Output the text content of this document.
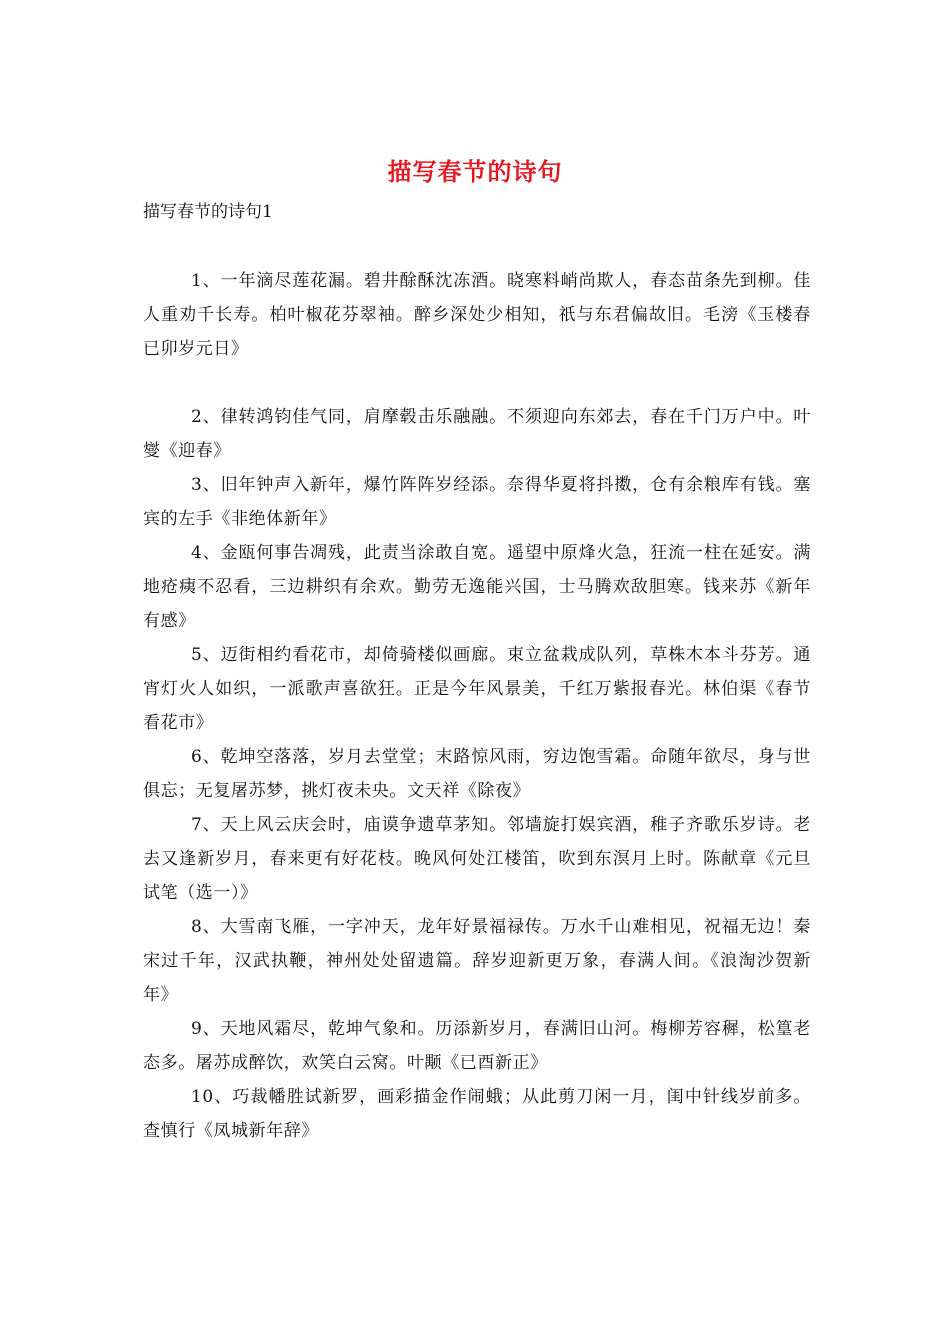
描写春节的诗句
描写春节的诗句1

1、一年滴尽莲花漏。碧井酴酥沈冻酒。晓寒料峭尚欺人，春态苗条先到柳。佳人重劝千长寿。柏叶椒花芬翠袖。醉乡深处少相知，祇与东君偏故旧。毛滂《玉楼春已卯岁元日》

2、律转鸿钧佳气同，肩摩毂击乐融融。不须迎向东郊去，春在千门万户中。叶燮《迎春》

3、旧年钟声入新年，爆竹阵阵岁经添。奈得华夏将抖擞，仓有余粮库有钱。塞宾的左手《非绝体新年》

4、金瓯何事告凋残，此责当涂敢自宽。遥望中原烽火急，狂流一柱在延安。满地疮痍不忍看，三边耕织有余欢。勤劳无逸能兴国，士马腾欢敌胆寒。钱来苏《新年有感》

5、迈街相约看花市，却倚骑楼似画廊。束立盆栽成队列，草株木本斗芬芳。通宵灯火人如织，一派歌声喜欲狂。正是今年风景美，千红万紫报春光。林伯渠《春节看花市》

6、乾坤空落落，岁月去堂堂；末路惊风雨，穷边饱雪霜。命随年欲尽，身与世俱忘；无复屠苏梦，挑灯夜未央。文天祥《除夜》

7、天上风云庆会时，庙谟争遗草茅知。邻墙旋打娱宾酒，稚子齐歌乐岁诗。老去又逢新岁月，春来更有好花枝。晚风何处江楼笛，吹到东溟月上时。陈献章《元旦试笔（选一）》

8、大雪南飞雁，一字冲天，龙年好景福禄传。万水千山难相见，祝福无边！秦宋过千年，汉武执鞭，神州处处留遗篇。辞岁迎新更万象，春满人间。《浪淘沙贺新年》

9、天地风霜尽，乾坤气象和。历添新岁月，春满旧山河。梅柳芳容穉，松篁老态多。屠苏成醉饮，欢笑白云窝。叶颙《已酉新正》

10、巧裁幡胜试新罗，画彩描金作闹蛾；从此剪刀闲一月，闺中针线岁前多。查慎行《凤城新年辞》
